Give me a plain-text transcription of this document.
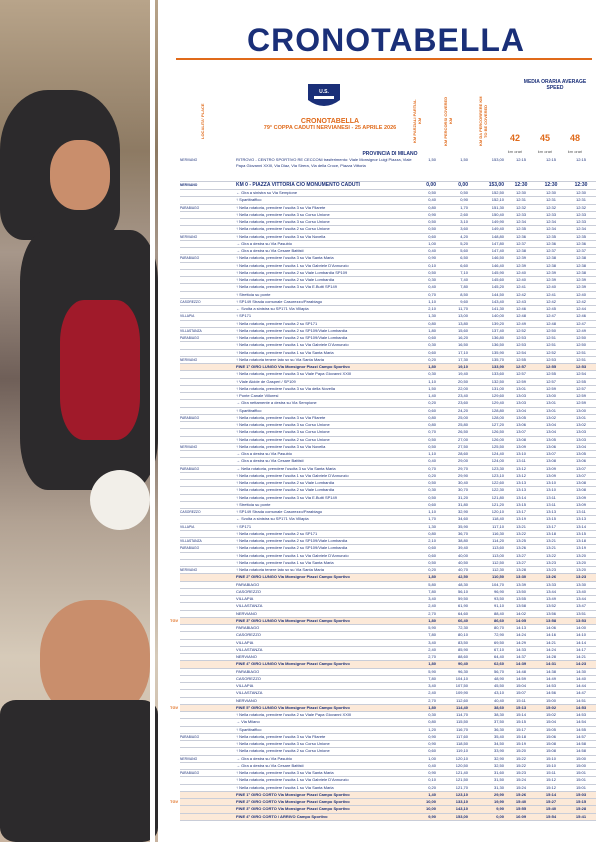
CRONOTABELLA
U.S.
MEDIA ORARIA AVERAGE SPEED
42 45 48
km orari	km orari	km orari
LOCALITA' PLACE	KM PARZIALI PARTIAL KM	KM PERCORSI COVERED KM	KM DA PERCORRERE KM TO BE COVERED
CRONOTABELLA
79° COPPA CADUTI NERVIANESI - 25 APRILE 2026
PROVINCIA DI MILANO
NERVIANO	RITROVO - CENTRO SPORTIVO RE CECCONI trasferimento: Viale Monsignor Luigi Piazza, Viale Papa Giovanni XXIII, Via Diaz, Via Sirera, Via della Croce, Piazza Vittoria
1,50	1,50	153,00	12:15	12:15	12:15
NERVIANO	KM 0 - PIAZZA VITTORIA C/O MONUMENTO CADUTI	0,00	0,00	153,00	12:30	12:30	12:30
← Gira a sinistra su Via Sempione	0,50	0,50	152,50	12:30	12:30	12:30
↑ Spartitraffico	0,40	0,90	152,10	12:31	12:31	12:31
PARABIAGO	↑ Nella rotatoria, prendere l'uscita 3 su Via Filarete	0,80	1,70	151,30	12:32	12:32	12:32
↑ Nella rotatoria, prendere l'uscita 3 su Corso Unione	0,90	2,60	150,40	12:33	12:33	12:33
↑ Nella rotatoria, prendere l'uscita 3 su Corso Unione	0,50	3,10	149,90	12:34	12:34	12:33
↑ Nella rotatoria, prendere l'uscita 2 su Corso Unione	0,50	3,60	149,40	12:35	12:34	12:34
NERVIANO	↑ Nella rotatoria, prendere l'uscita 3 su Via Novella	0,60	4,20	148,80	12:36	12:35	12:35
→ Gira a destra su Via Pasubio	1,00	5,20	147,80	12:37	12:36	12:36
→ Gira a destra su Via Cesare Battisti	0,40	5,60	147,40	12:38	12:37	12:37
PARABIAGO	↑ Nella rotatoria, prendere l'uscita 3 su Via Santa Maria	0,90	6,50	146,50	12:39	12:38	12:38
↑ Nella rotatoria, prendere l'uscita 1 su Via Gabriele D'Annunzio	0,10	6,60	146,40	12:39	12:38	12:38
↑ Nella rotatoria, prendere l'uscita 2 su Viale Lombardia SP109	0,50	7,10	145,90	12:40	12:39	12:38
↑ Nella rotatoria, prendere l'uscita 2 su Viale Lombardia	0,30	7,40	145,60	12:40	12:39	12:39
↑ Nella rotatoria, prendere l'uscita 3 su Via E.Butti SP149	0,40	7,80	145,20	12:41	12:40	12:39
↑ Strettoia su ponte	0,70	8,50	144,50	12:42	12:41	12:40
CASOREZZO	↑ SP149 Strada comunale Casorezzo/Parabiago	1,10	9,60	143,40	12:43	12:42	12:42
← Svolta a sinistra su SP171 Via Villapia	2,10	11,70	141,30	12:46	12:45	12:44
VILLAPIA	↑ SP171	1,30	13,00	140,00	12:48	12:47	12:46
↑ Nella rotatoria, prendere l'uscita 2 su SP171	0,80	13,80	139,20	12:49	12:48	12:47
VILLASTANZA	↑ Nella rotatoria, prendere l'uscita 2 su SP109/Viale Lombardia	1,80	15,60	137,40	12:52	12:50	12:49
PARABIAGO	↑ Nella rotatoria, prendere l'uscita 2 su SP109/Viale Lombardia	0,60	16,20	136,80	12:53	12:51	12:50
↑ Nella rotatoria, prendere l'uscita 1 su Via Gabriele D'Annunzio	0,30	16,50	136,50	12:53	12:51	12:50
↑ Nella rotatoria, prendere l'uscita 1 su Via Santa Maria	0,60	17,10	135,90	12:54	12:52	12:51
NERVIANO	↑ Nella rotatoria tenere lato sx su Via Santa Maria	0,20	17,30	135,70	12:55	12:53	12:51
FINE 1° GIRO LUNGO Via Monsignor Piazzi Campo Sportivo	1,80	19,10	133,90	12:57	12:55	12:53
↑ Nella rotatoria, prendere l'uscita 3 su Viale Papa Giovanni XXIII	0,30	19,40	133,60	12:57	12:55	12:54
↑ Viale Alcide de Gasperi / SP109	1,10	20,50	132,50	12:59	12:57	12:55
↑ Nella rotatoria, prendere l'uscita 3 su Via della Novella	1,50	22,00	131,00	13:01	12:59	12:57
↑ Ponte Canale Villoresi	1,40	23,40	129,60	13:03	13:00	12:59
→ Gira nettamente a destra su Via Sempione	0,20	23,60	129,40	13:03	13:01	12:59
↑ Spartitraffico	0,60	24,20	128,80	13:04	13:01	13:00
PARABIAGO	↑ Nella rotatoria, prendere l'uscita 3 su Via Filarete	0,80	25,00	128,00	13:05	13:02	13:01
↑ Nella rotatoria, prendere l'uscita 3 su Corso Unione	0,80	25,80	127,20	13:06	13:04	13:02
↑ Nella rotatoria, prendere l'uscita 3 su Corso Unione	0,70	26,50	126,50	13:07	13:04	13:03
↑ Nella rotatoria, prendere l'uscita 2 su Corso Unione	0,50	27,00	126,00	13:08	13:05	13:03
NERVIANO	↑ Nella rotatoria, prendere l'uscita 3 su Via Novella	0,50	27,50	125,50	13:09	13:06	13:04
→ Gira a destra su Via Pasubio	1,10	28,60	124,40	13:10	13:07	13:05
→ Gira a destra su Via Cesare Battisti	0,40	29,00	124,00	13:11	13:08	13:06
PARABIAGO	→ Nella rotatoria, prendere l'uscita 3 su Via Santa Maria	0,70	29,70	123,30	13:12	13:09	13:07
↑ Nella rotatoria, prendere l'uscita 1 su Via Gabriele D'Annunzio	0,20	29,90	123,10	13:12	13:09	13:07
↑ Nella rotatoria, prendere l'uscita 2 su Viale Lombardia	0,50	30,40	122,60	13:13	13:10	13:08
↑ Nella rotatoria, prendere l'uscita 2 su Viale Lombardia	0,30	30,70	122,30	13:13	13:10	13:08
↑ Nella rotatoria, prendere l'uscita 3 su Via E.Butti SP149	0,50	31,20	121,80	13:14	13:11	13:09
↑ Strettoia su ponte	0,60	31,80	121,20	13:15	13:11	13:09
CASOREZZO	↑ SP149 Strada comunale Casorezzo/Parabiago	1,10	32,90	120,10	13:17	13:13	13:11
← Svolta a sinistra su SP171 Via Villapia	1,70	34,60	118,40	13:19	13:15	13:13
VILLAPIA	↑ SP171	1,30	35,90	117,10	13:21	13:17	13:14
↑ Nella rotatoria, prendere l'uscita 2 su SP171	0,80	36,70	116,30	13:22	13:18	13:15
VILLASTANZA	↑ Nella rotatoria, prendere l'uscita 2 su SP109/Viale Lombardia	2,10	38,80	114,20	13:25	13:21	13:18
PARABIAGO	↑ Nella rotatoria, prendere l'uscita 2 su SP109/Viale Lombardia	0,60	39,40	113,60	13:26	13:21	13:19
↑ Nella rotatoria, prendere l'uscita 1 su Via Gabriele D'Annunzio	0,60	40,00	113,00	13:27	13:22	13:20
↑ Nella rotatoria, prendere l'uscita 1 su Via Santa Maria	0,50	40,50	112,50	13:27	13:23	13:20
NERVIANO	↑ Nella rotatoria tenere lato sx su Via Santa Maria	0,20	40,70	112,30	13:28	13:23	13:20
FINE 2° GIRO LUNGO Via Monsignor Piazzi Campo Sportivo	1,80	42,50	110,50	13:30	13:26	13:23
PARABIAGO	5,80	48,30	104,70	13:39	13:33	13:30
CASOREZZO	7,80	56,10	96,90	13:50	13:44	13:40
VILLAPIA	3,40	59,50	93,50	13:55	13:49	13:44
VILLASTANZA	2,40	61,90	91,10	13:58	13:52	13:47
NERVIANO	2,70	64,60	88,40	14:02	13:56	13:51
TGV	FINE 3° GIRO LUNGO Via Monsignor Piazzi Campo Sportivo	1,80	66,40	86,60	14:05	13:58	13:53
PARABIAGO	5,90	72,30	80,70	14:13	14:06	14:00
CASOREZZO	7,80	80,10	72,90	14:24	14:16	14:10
VILLAPIA	3,40	83,50	69,50	14:29	14:21	14:14
VILLASTANZA	2,40	85,90	67,10	14:33	14:24	14:17
NERVIANO	2,70	88,60	64,40	14:37	14:28	14:21
FINE 4° GIRO LUNGO Via Monsignor Piazzi Campo Sportivo	1,80	90,40	62,60	14:39	14:31	14:23
PARABIAGO	5,90	96,30	56,70	14:48	14:38	14:30
CASOREZZO	7,80	104,10	48,90	14:59	14:49	14:40
VILLAPIA	3,40	107,50	45,50	15:04	14:53	14:44
VILLASTANZA	2,40	109,90	43,10	15:07	14:56	14:47
NERVIANO	2,70	112,60	40,40	15:11	15:00	14:51
TGV	FINE 5° GIRO LUNGO Via Monsignor Piazzi Campo Sportivo	1,80	114,40	38,60	15:13	15:02	14:53
↑ Nella rotatoria, prendere l'uscita 2 su Viale Papa Giovanni XXIII	0,30	114,70	38,30	15:14	15:02	14:53
→ Via Milano	0,80	115,50	37,50	15:15	15:04	14:54
↑ Spartitraffico	1,20	116,70	36,30	15:17	15:05	14:55
PARABIAGO	↑ Nella rotatoria, prendere l'uscita 3 su Via Filarete	0,90	117,60	35,40	15:18	15:06	14:57
↑ Nella rotatoria, prendere l'uscita 3 su Corso Unione	0,90	118,50	34,50	15:19	15:08	14:58
↑ Nella rotatoria, prendere l'uscita 2 su Corso Unione	0,60	119,10	33,90	15:20	15:08	14:58
NERVIANO	→ Gira a destra su Via Pasubio	1,00	120,10	32,90	15:22	15:10	15:00
→ Gira a destra su Via Cesare Battisti	0,40	120,50	32,50	15:22	15:10	15:00
PARABIAGO	↑ Nella rotatoria, prendere l'uscita 3 su Via Santa Maria	0,90	121,40	31,60	15:23	15:11	15:01
↑ Nella rotatoria, prendere l'uscita 1 su Via Gabriele D'Annunzio	0,10	121,50	31,50	15:24	15:12	15:01
↑ Nella rotatoria, prendere l'uscita 1 su Via Santa Maria	0,20	121,70	31,30	15:24	15:12	15:01
FINE 1° GIRO CORTO Via Monsignor Piazzi Campo Sportivo	1,40	123,10	29,90	15:26	15:14	15:03
TGV	FINE 2° GIRO CORTO Via Monsignor Piazzi Campo Sportivo	10,00	133,10	19,90	15:40	15:27	15:15
FINE 3° GIRO CORTO Via Monsignor Piazzi Campo Sportivo	10,00	143,10	9,90	15:55	15:40	15:28
FINE 4° GIRO CORTO / ARRIVO Campo Sportivo	9,90	153,00	0,00	16:09	15:54	15:41
